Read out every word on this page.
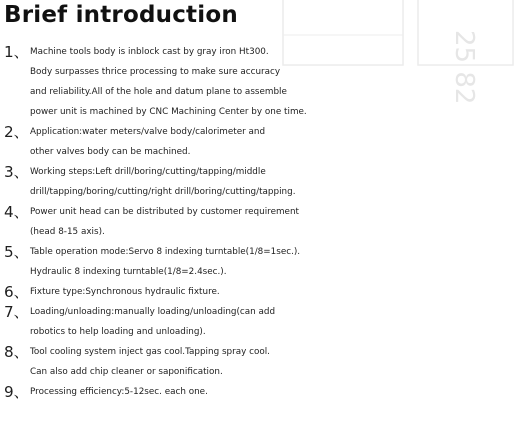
25 82
Brief introduction
1、 Machine tools body is inblock cast by gray iron Ht300.
Body surpasses thrice processing to make sure accuracy
and reliability.All of the hole and datum plane to assemble
power unit is machined by CNC Machining Center by one time.
2、 Application:water meters/valve body/calorimeter and
other valves body can be machined.
3、 Working steps:Left drill/boring/cutting/tapping/middle
drill/tapping/boring/cutting/right drill/boring/cutting/tapping.
4、 Power unit head can be distributed by customer requirement
(head 8-15 axis).
5、 Table operation mode:Servo 8 indexing turntable(1/8=1sec.).
Hydraulic 8 indexing turntable(1/8=2.4sec.).
6、 Fixture type:Synchronous hydraulic fixture.
7、 Loading/unloading:manually loading/unloading(can add
robotics to help loading and unloading).
8、 Tool cooling system inject gas cool.Tapping spray cool.
Can also add chip cleaner or saponification.
9、 Processing efficiency:5-12sec. each one.
